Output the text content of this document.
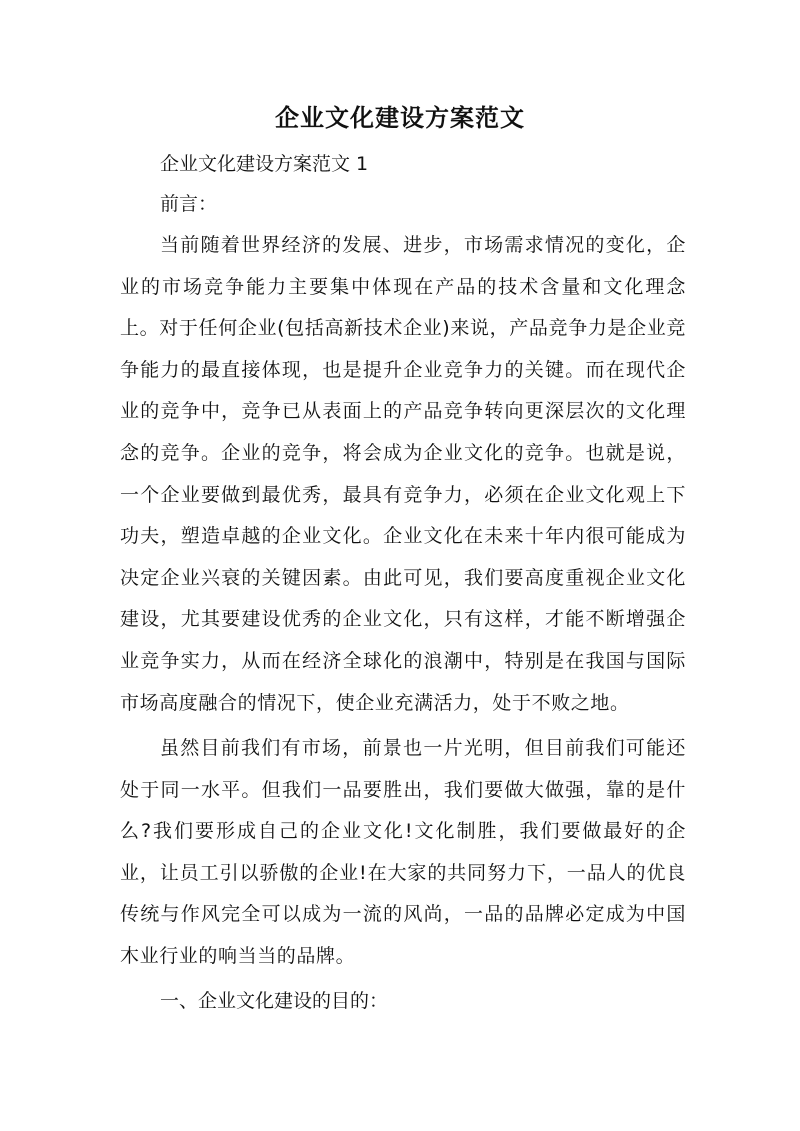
企业文化建设方案范文
企业文化建设方案范文 1
前言：

当前随着世界经济的发展、进步，市场需求情况的变化，企业的市场竞争能力主要集中体现在产品的技术含量和文化理念上。对于任何企业(包括高新技术企业)来说，产品竞争力是企业竞争能力的最直接体现，也是提升企业竞争力的关键。而在现代企业的竞争中，竞争已从表面上的产品竞争转向更深层次的文化理念的竞争。企业的竞争，将会成为企业文化的竞争。也就是说，一个企业要做到最优秀，最具有竞争力，必须在企业文化观上下功夫，塑造卓越的企业文化。企业文化在未来十年内很可能成为决定企业兴衰的关键因素。由此可见，我们要高度重视企业文化建设，尤其要建设优秀的企业文化，只有这样，才能不断增强企业竞争实力，从而在经济全球化的浪潮中，特别是在我国与国际市场高度融合的情况下，使企业充满活力，处于不败之地。

虽然目前我们有市场，前景也一片光明，但目前我们可能还处于同一水平。但我们一品要胜出，我们要做大做强，靠的是什么?我们要形成自己的企业文化!文化制胜，我们要做最好的企业，让员工引以骄傲的企业!在大家的共同努力下，一品人的优良传统与作风完全可以成为一流的风尚，一品的品牌必定成为中国木业行业的响当当的品牌。

一、企业文化建设的目的：
